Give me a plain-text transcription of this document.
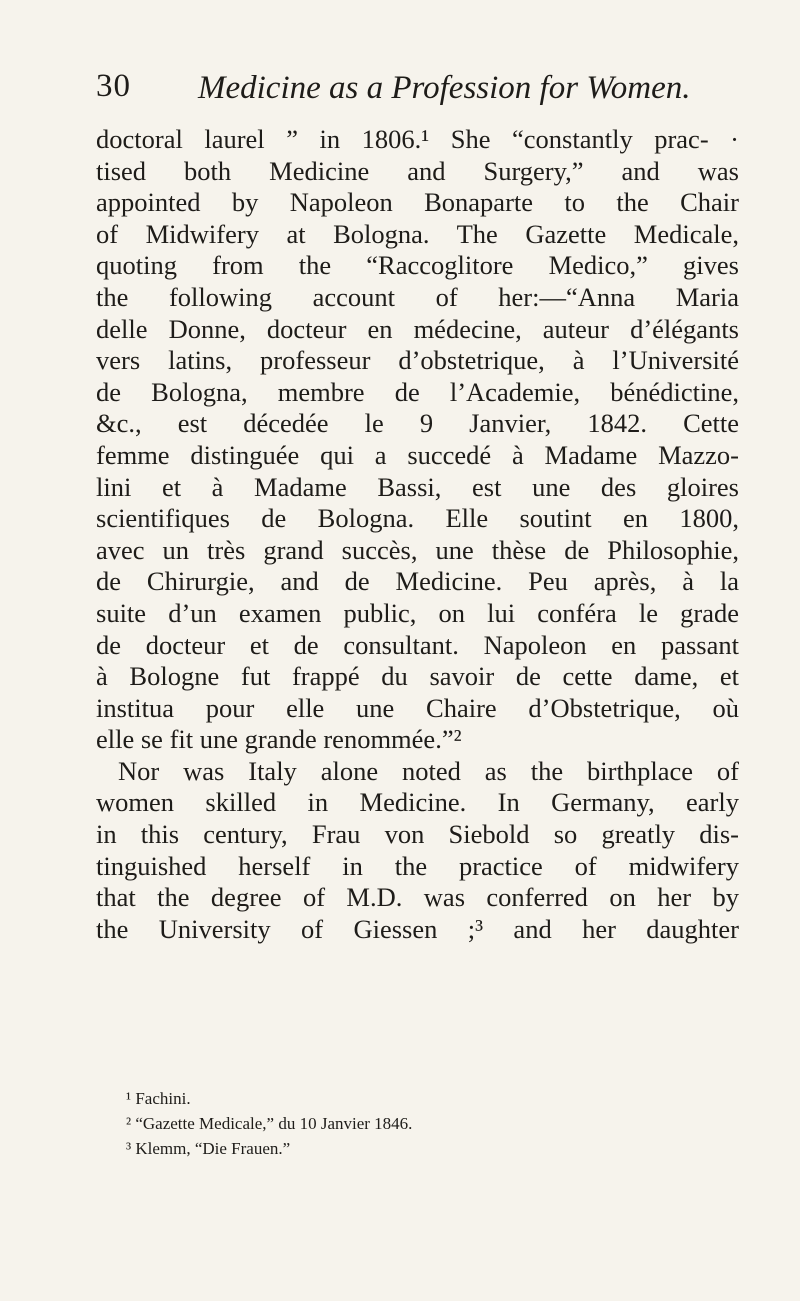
30 Medicine as a Profession for Women.
doctoral laurel ” in 1806.¹ She “constantly prac- ·
tised both Medicine and Surgery,” and was
appointed by Napoleon Bonaparte to the Chair
of Midwifery at Bologna. The Gazette Medicale,
quoting from the “Raccoglitore Medico,” gives
the following account of her:—“Anna Maria
delle Donne, docteur en médecine, auteur d’élégants
vers latins, professeur d’obstetrique, à l’Université
de Bologna, membre de l’Academie, bénédictine,
&c., est décedée le 9 Janvier, 1842. Cette
femme distinguée qui a succedé à Madame Mazzo-
lini et à Madame Bassi, est une des gloires
scientifiques de Bologna. Elle soutint en 1800,
avec un très grand succès, une thèse de Philosophie,
de Chirurgie, and de Medicine. Peu après, à la
suite d’un examen public, on lui conféra le grade
de docteur et de consultant. Napoleon en passant
à Bologne fut frappé du savoir de cette dame, et
institua pour elle une Chaire d’Obstetrique, où
elle se fit une grande renommée.”²
Nor was Italy alone noted as the birthplace of
women skilled in Medicine. In Germany, early
in this century, Frau von Siebold so greatly dis-
tinguished herself in the practice of midwifery
that the degree of M.D. was conferred on her by
the University of Giessen ;³ and her daughter
¹ Fachini.
² “Gazette Medicale,” du 10 Janvier 1846.
³ Klemm, “Die Frauen.”
